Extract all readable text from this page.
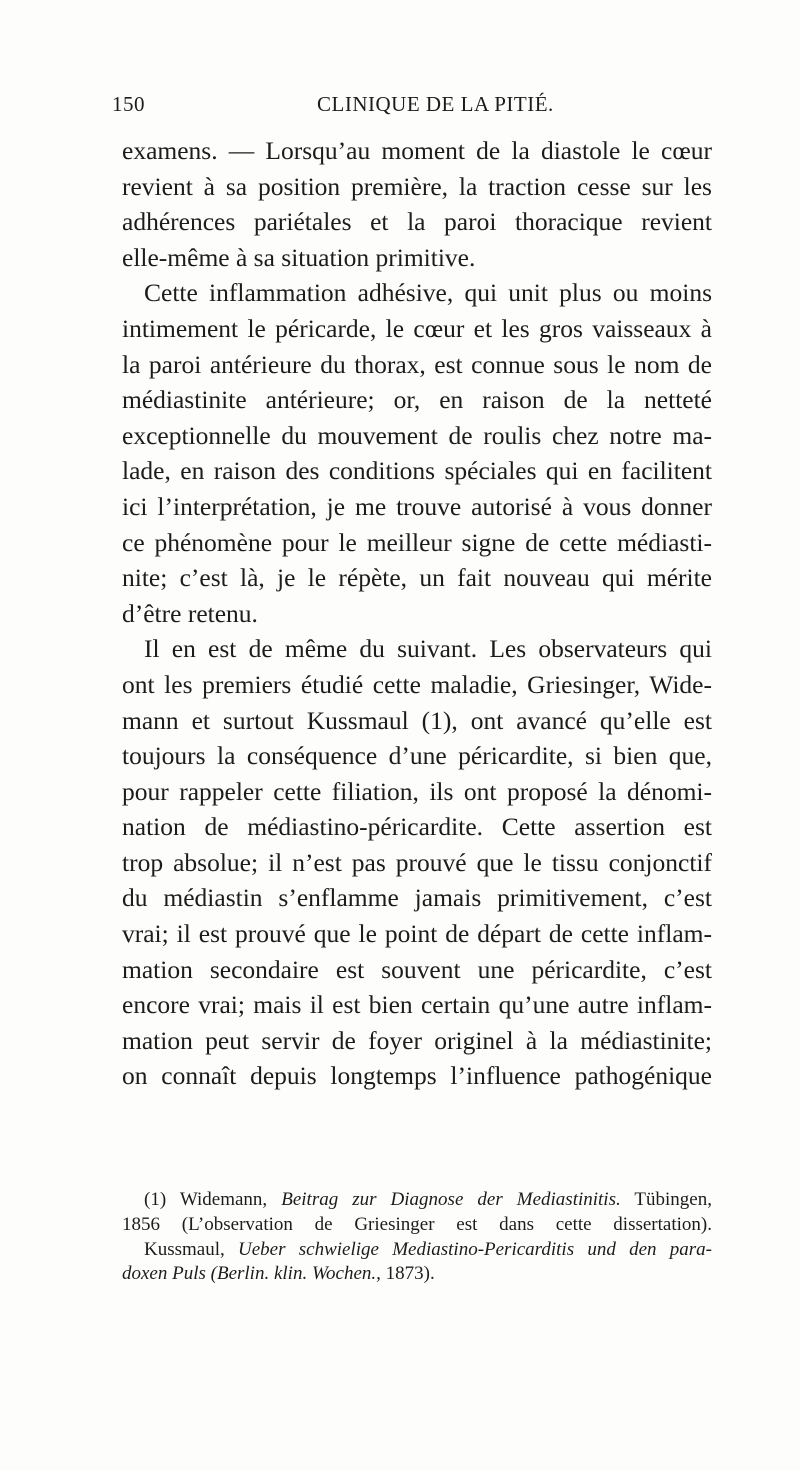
150	CLINIQUE DE LA PITIÉ.
examens. — Lorsqu’au moment de la diastole le cœur
revient à sa position première, la traction cesse sur les
adhérences pariétales et la paroi thoracique revient
elle-même à sa situation primitive.
Cette inflammation adhésive, qui unit plus ou moins
intimement le péricarde, le cœur et les gros vaisseaux à
la paroi antérieure du thorax, est connue sous le nom de
médiastinite antérieure; or, en raison de la netteté
exceptionnelle du mouvement de roulis chez notre ma-
lade, en raison des conditions spéciales qui en facilitent
ici l’interprétation, je me trouve autorisé à vous donner
ce phénomène pour le meilleur signe de cette médiasti-
nite; c’est là, je le répète, un fait nouveau qui mérite
d’être retenu.
Il en est de même du suivant. Les observateurs qui
ont les premiers étudié cette maladie, Griesinger, Wide-
mann et surtout Kussmaul (1), ont avancé qu’elle est
toujours la conséquence d’une péricardite, si bien que,
pour rappeler cette filiation, ils ont proposé la dénomi-
nation de médiastino-péricardite. Cette assertion est
trop absolue; il n’est pas prouvé que le tissu conjonctif
du médiastin s’enflamme jamais primitivement, c’est
vrai; il est prouvé que le point de départ de cette inflam-
mation secondaire est souvent une péricardite, c’est
encore vrai; mais il est bien certain qu’une autre inflam-
mation peut servir de foyer originel à la médiastinite;
on connaît depuis longtemps l’influence pathogénique
(1) Widemann, Beitrag zur Diagnose der Mediastinitis. Tübingen,
1856 (L’observation de Griesinger est dans cette dissertation).
Kussmaul, Ueber schwielige Mediastino-Pericarditis und den para-
doxen Puls (Berlin. klin. Wochen., 1873).
